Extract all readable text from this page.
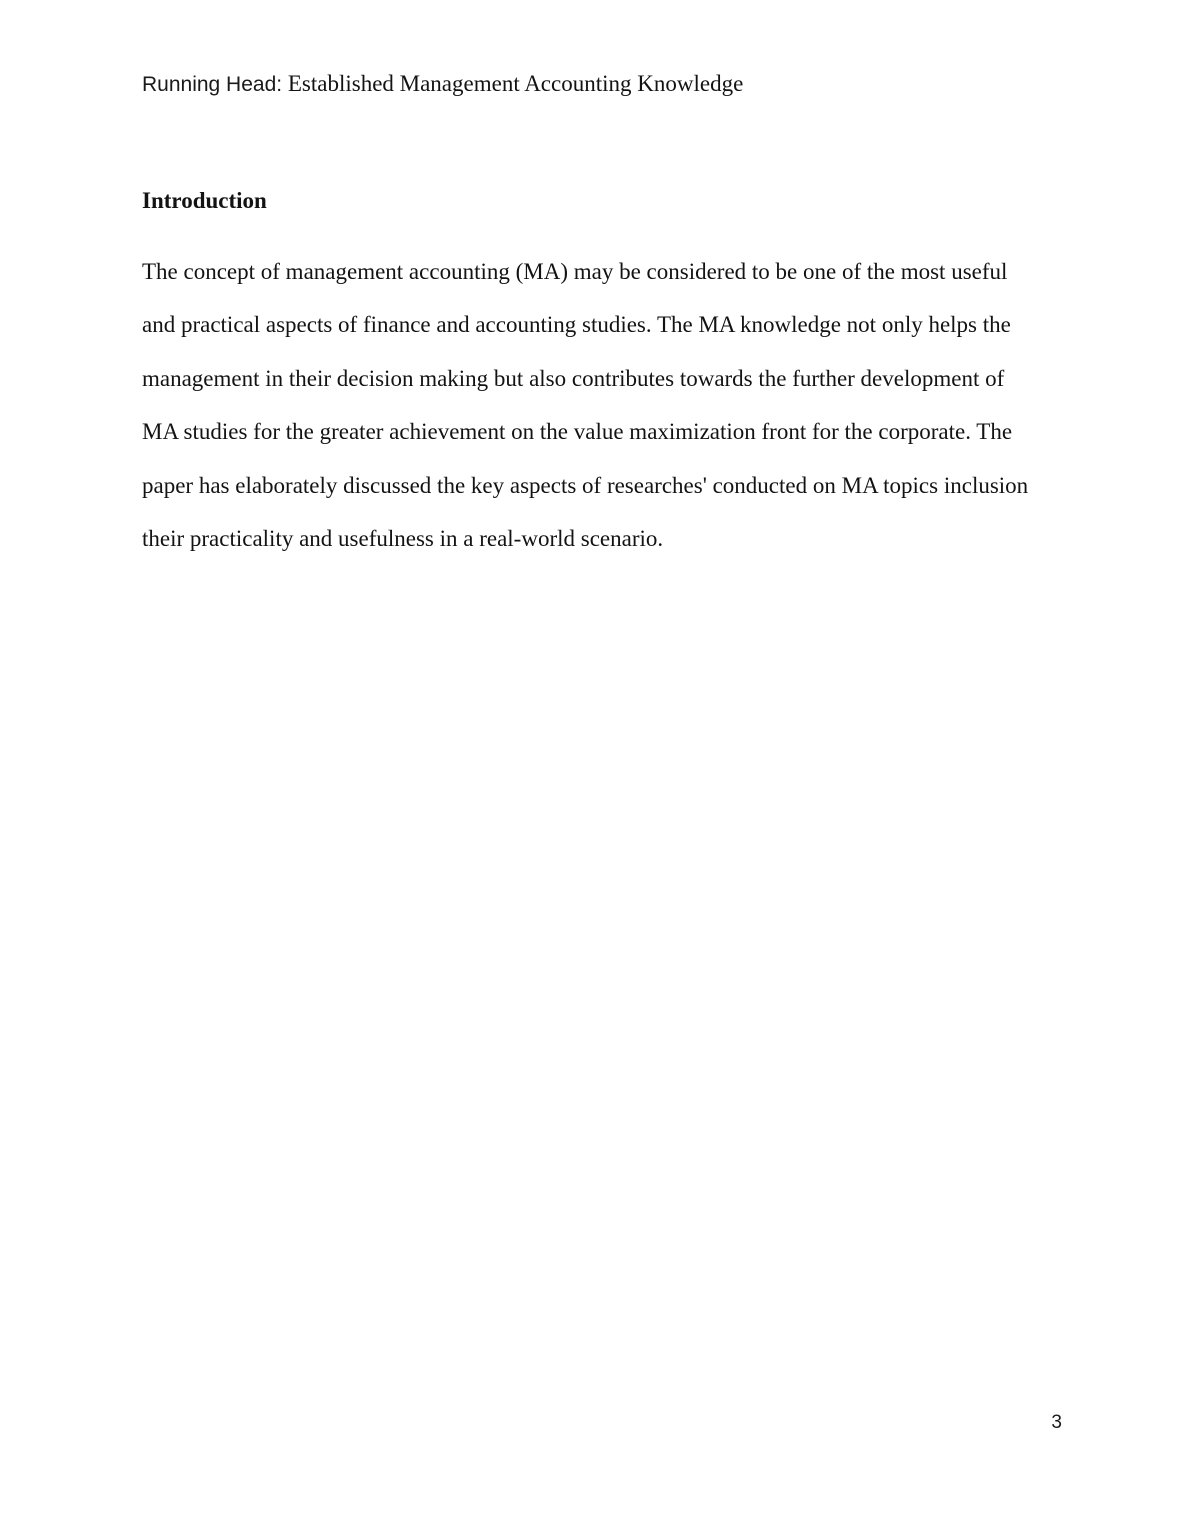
Running Head: Established Management Accounting Knowledge
Introduction
The concept of management accounting (MA) may be considered to be one of the most useful
and practical aspects of finance and accounting studies. The MA knowledge not only helps the
management in their decision making but also contributes towards the further development of
MA studies for the greater achievement on the value maximization front for the corporate. The
paper has elaborately discussed the key aspects of researches' conducted on MA topics inclusion
their practicality and usefulness in a real-world scenario.
3
